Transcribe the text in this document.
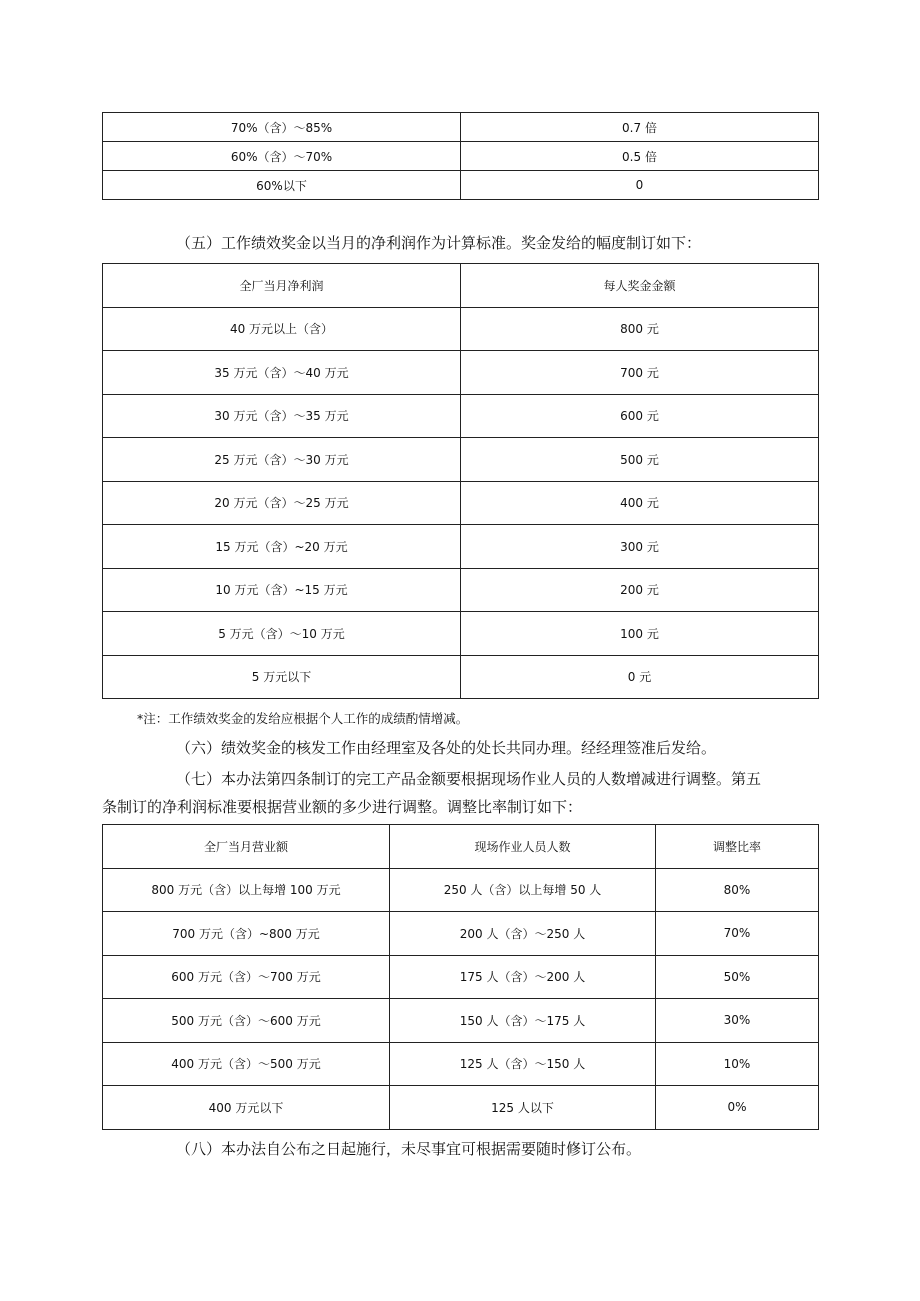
70%（含）～85%	0.7 倍
60%（含）～70%	0.5 倍
60%以下	0

（五）工作绩效奖金以当月的净利润作为计算标准。奖金发给的幅度制订如下：

全厂当月净利润	每人奖金金额
40 万元以上（含）	800 元
35 万元（含）～40 万元	700 元
30 万元（含）～35 万元	600 元
25 万元（含）～30 万元	500 元
20 万元（含）～25 万元	400 元
15 万元（含）~20 万元	300 元
10 万元（含）~15 万元	200 元
5 万元（含）～10 万元	100 元
5 万元以下	0 元

*注：工作绩效奖金的发给应根据个人工作的成绩酌情增减。

（六）绩效奖金的核发工作由经理室及各处的处长共同办理。经经理签准后发给。

（七）本办法第四条制订的完工产品金额要根据现场作业人员的人数增减进行调整。第五

条制订的净利润标准要根据营业额的多少进行调整。调整比率制订如下：

全厂当月营业额	现场作业人员人数	调整比率
800 万元（含）以上每增 100 万元	250 人（含）以上每增 50 人	80%
700 万元（含）~800 万元	200 人（含）～250 人	70%
600 万元（含）～700 万元	175 人（含）～200 人	50%
500 万元（含）～600 万元	150 人（含）～175 人	30%
400 万元（含）～500 万元	125 人（含）～150 人	10%
400 万元以下	125 人以下	0%

（八）本办法自公布之日起施行，未尽事宜可根据需要随时修订公布。
